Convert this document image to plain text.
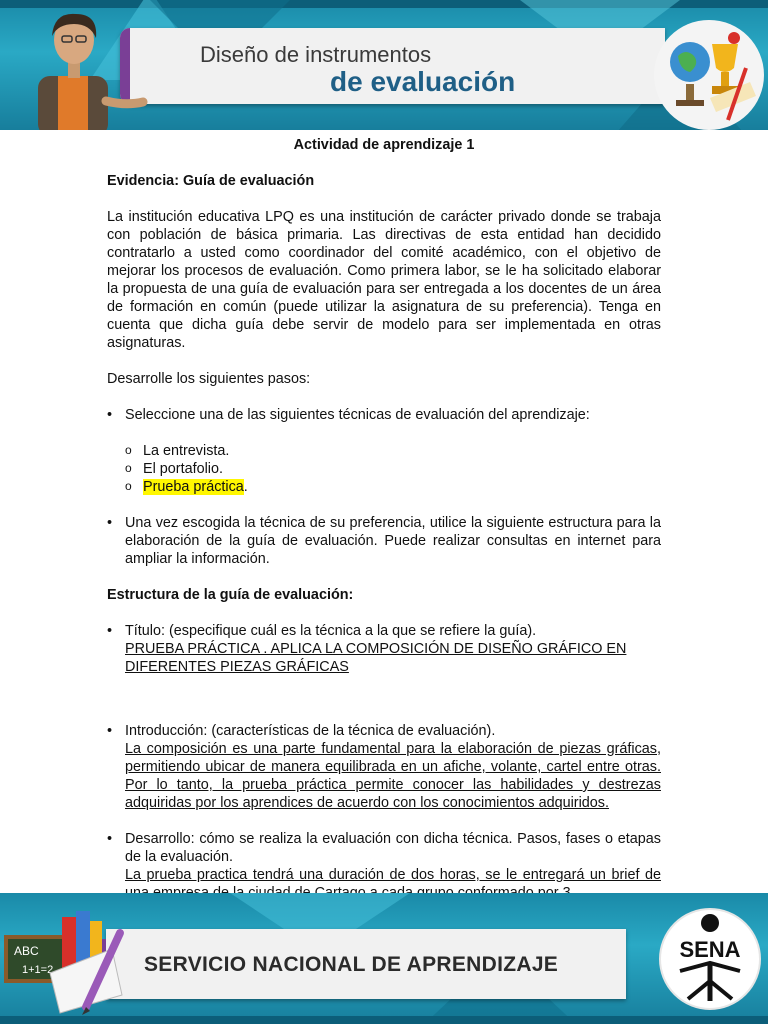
Diseño de instrumentos
de evaluación
Actividad de aprendizaje 1
Evidencia: Guía de evaluación

La institución educativa LPQ es una institución de carácter privado donde se trabaja con población de básica primaria. Las directivas de esta entidad han decidido contratarlo a usted como coordinador del comité académico, con el objetivo de mejorar los procesos de evaluación. Como primera labor, se le ha solicitado elaborar la propuesta de una guía de evaluación para ser entregada a los docentes de un área de formación en común (puede utilizar la asignatura de su preferencia). Tenga en cuenta que dicha guía debe servir de modelo para ser implementada en otras asignaturas.

Desarrolle los siguientes pasos:

• Seleccione una de las siguientes técnicas de evaluación del aprendizaje:
o La entrevista.
o El portafolio.
o Prueba práctica.
• Una vez escogida la técnica de su preferencia, utilice la siguiente estructura para la elaboración de la guía de evaluación. Puede realizar consultas en internet para ampliar la información.
Estructura de la guía de evaluación:
• Título: (especifique cuál es la técnica a la que se refiere la guía).
PRUEBA PRÁCTICA . APLICA LA COMPOSICIÓN DE DISEÑO GRÁFICO EN DIFERENTES PIEZAS GRÁFICAS
• Introducción: (características de la técnica de evaluación).
La composición es una parte fundamental para la elaboración de piezas gráficas, permitiendo ubicar de manera equilibrada en un afiche, volante, cartel entre otras. Por lo tanto, la prueba práctica permite conocer las habilidades y destrezas adquiridas por los aprendices de acuerdo con los conocimientos adquiridos.
• Desarrollo: cómo se realiza la evaluación con dicha técnica. Pasos, fases o etapas de la evaluación.
La prueba practica tendrá una duración de dos horas, se le entregará un brief de
SERVICIO NACIONAL DE APRENDIZAJE
ABC
1+1=2
SENA
